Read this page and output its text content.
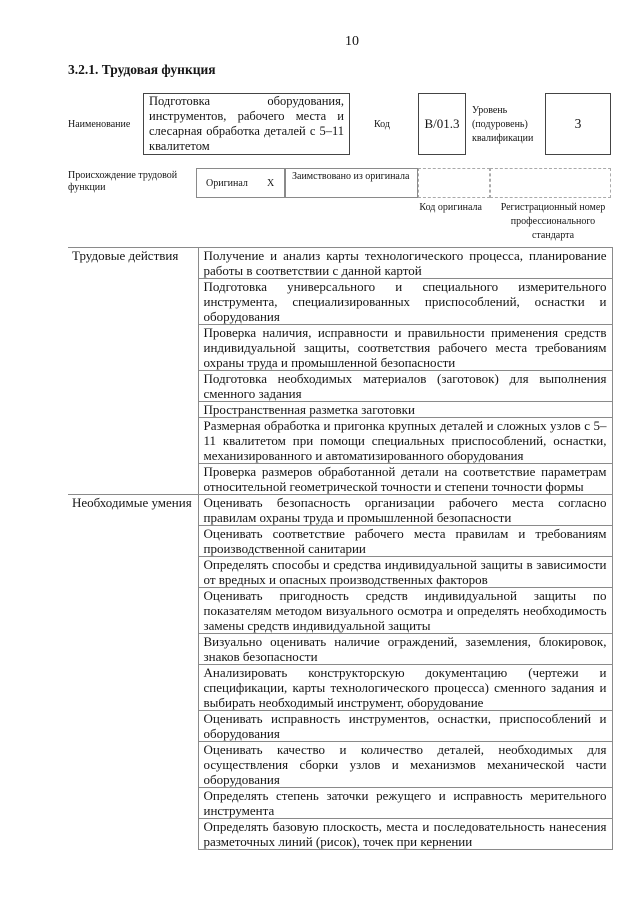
10
3.2.1. Трудовая функция
Наименование
Подготовка оборудования, инструментов, рабочего места и слесарная обработка деталей с 5–11 квалитетом
Код	B/01.3
Уровень (подуровень) квалификации
3
Происхождение трудовой функции	Оригинал X
Заимствовано из оригинала
Код оригинала	Регистрационный номер профессионального стандарта
Трудовые действия	Получение и анализ карты технологического процесса, планирование работы в соответствии с данной картой
	Подготовка универсального и специального измерительного инструмента, специализированных приспособлений, оснастки и оборудования
	Проверка наличия, исправности и правильности применения средств индивидуальной защиты, соответствия рабочего места требованиям охраны труда и промышленной безопасности
	Подготовка необходимых материалов (заготовок) для выполнения сменного задания
	Пространственная разметка заготовки
	Размерная обработка и пригонка крупных деталей и сложных узлов с 5–11 квалитетом при помощи специальных приспособлений, оснастки, механизированного и автоматизированного оборудования
	Проверка размеров обработанной детали на соответствие параметрам относительной геометрической точности и степени точности формы
Необходимые умения	Оценивать безопасность организации рабочего места согласно правилам охраны труда и промышленной безопасности
	Оценивать соответствие рабочего места правилам и требованиям производственной санитарии
	Определять способы и средства индивидуальной защиты в зависимости от вредных и опасных производственных факторов
	Оценивать пригодность средств индивидуальной защиты по показателям методом визуального осмотра и определять необходимость замены средств индивидуальной защиты
	Визуально оценивать наличие ограждений, заземления, блокировок, знаков безопасности
	Анализировать конструкторскую документацию (чертежи и спецификации, карты технологического процесса) сменного задания и выбирать необходимый инструмент, оборудование
	Оценивать исправность инструментов, оснастки, приспособлений и оборудования
	Оценивать качество и количество деталей, необходимых для осуществления сборки узлов и механизмов механической части оборудования
	Определять степень заточки режущего и исправность мерительного инструмента
	Определять базовую плоскость, места и последовательность нанесения разметочных линий (рисок), точек при кернении
